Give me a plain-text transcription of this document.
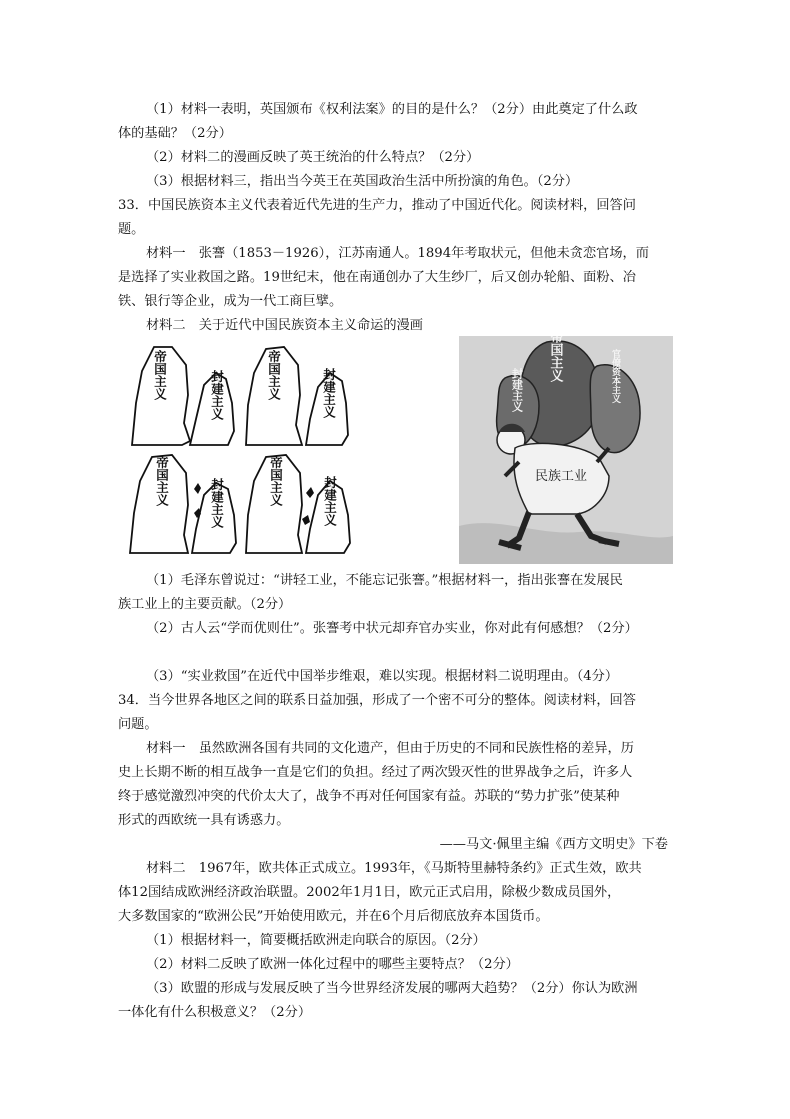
（1）材料一表明，英国颁布《权利法案》的目的是什么？（2分）由此奠定了什么政
体的基础？（2分）
（2）材料二的漫画反映了英王统治的什么特点？（2分）
（3）根据材料三，指出当今英王在英国政治生活中所扮演的角色。（2分）
33．中国民族资本主义代表着近代先进的生产力，推动了中国近代化。阅读材料，回答问
题。
材料一　张謇（1853－1926），江苏南通人。1894年考取状元，但他未贪恋官场，而
是选择了实业救国之路。19世纪末，他在南通创办了大生纱厂，后又创办轮船、面粉、冶
铁、银行等企业，成为一代工商巨擘。
材料二　关于近代中国民族资本主义命运的漫画
帝国主义	封建主义	帝国主义	封建主义
帝国主义	封建主义	帝国主义	封建主义
帝国主义
封建主义	官僚资本主义
民族工业
（1）毛泽东曾说过：“讲轻工业，不能忘记张謇。”根据材料一，指出张謇在发展民
族工业上的主要贡献。（2分）
（2）古人云“学而优则仕”。张謇考中状元却弃官办实业，你对此有何感想？（2分）
（3）“实业救国”在近代中国举步维艰，难以实现。根据材料二说明理由。（4分）
34．当今世界各地区之间的联系日益加强，形成了一个密不可分的整体。阅读材料，回答
问题。
材料一　虽然欧洲各国有共同的文化遗产，但由于历史的不同和民族性格的差异，历
史上长期不断的相互战争一直是它们的负担。经过了两次毁灭性的世界战争之后，许多人
终于感觉激烈冲突的代价太大了，战争不再对任何国家有益。苏联的“势力扩张”使某种
形式的西欧统一具有诱惑力。
——马文·佩里主编《西方文明史》下卷
材料二　1967年，欧共体正式成立。1993年，《马斯特里赫特条约》正式生效，欧共
体12国结成欧洲经济政治联盟。2002年1月1日，欧元正式启用，除极少数成员国外，
大多数国家的“欧洲公民”开始使用欧元，并在6个月后彻底放弃本国货币。
（1）根据材料一，简要概括欧洲走向联合的原因。（2分）
（2）材料二反映了欧洲一体化过程中的哪些主要特点？（2分）
（3）欧盟的形成与发展反映了当今世界经济发展的哪两大趋势？（2分）你认为欧洲
一体化有什么积极意义？（2分）
